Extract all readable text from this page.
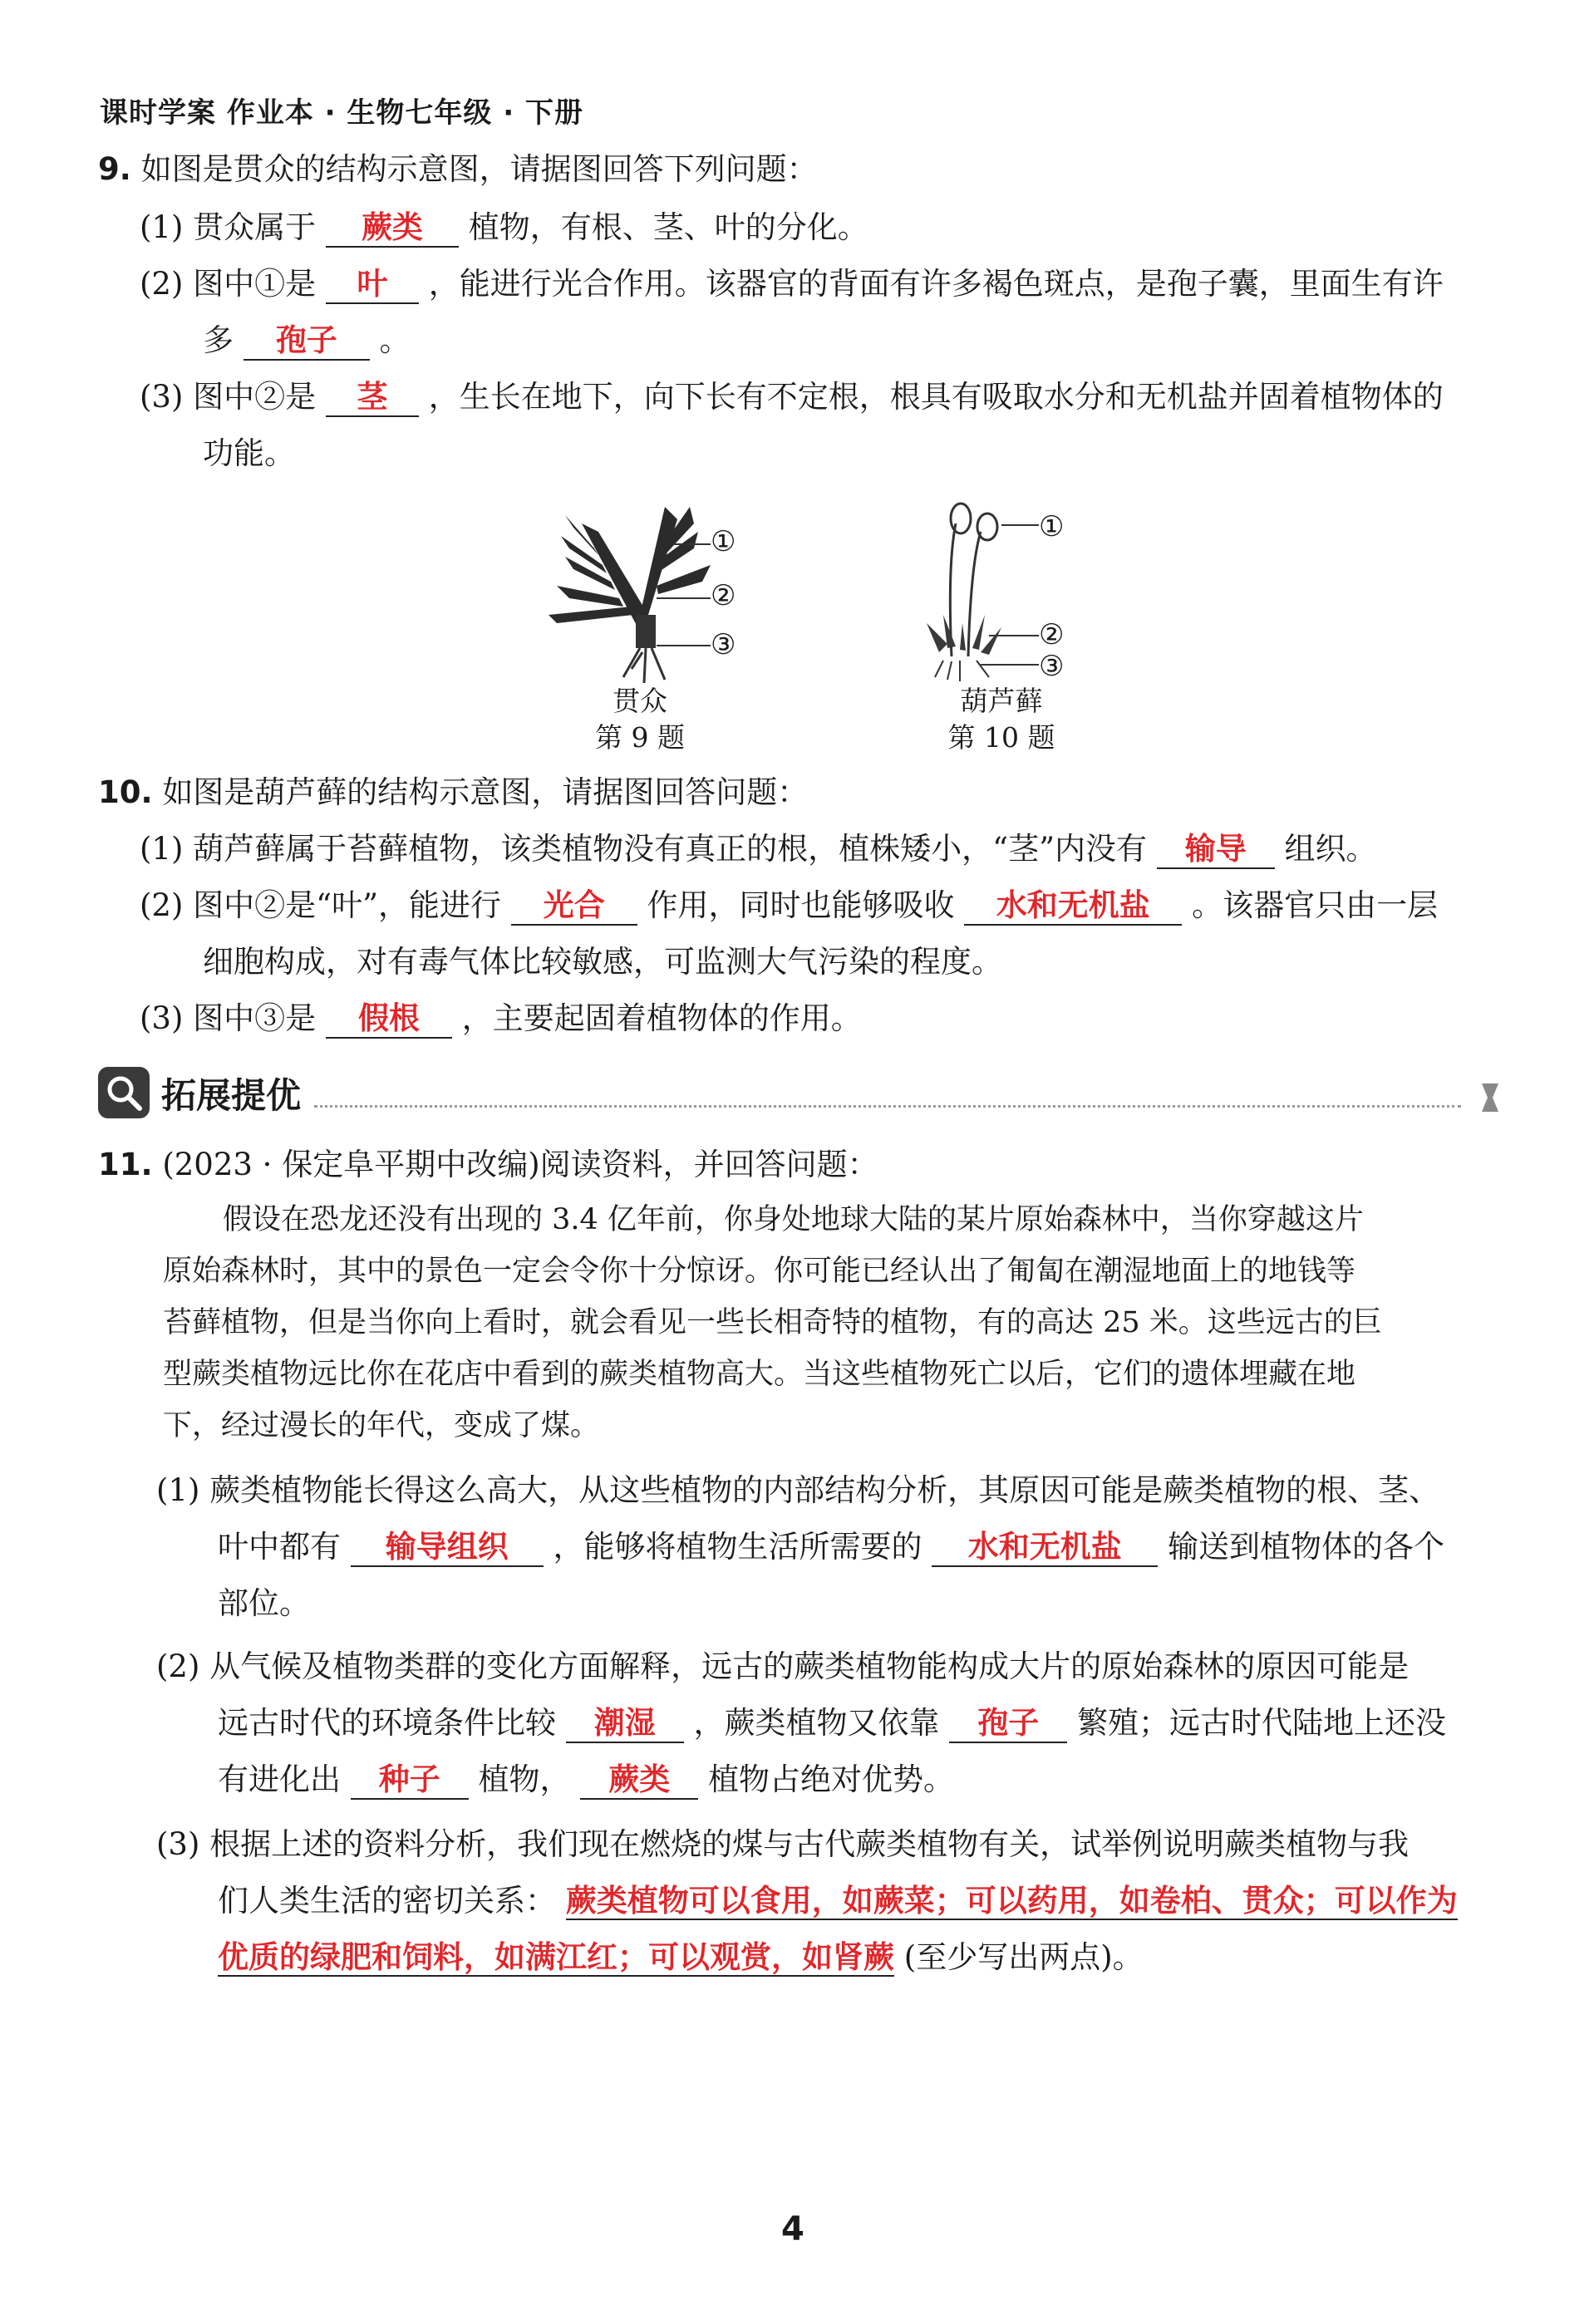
课时学案 作业本 · 生物七年级 · 下册
9. 如图是贯众的结构示意图，请据图回答下列问题：
(1) 贯众属于 蕨类 植物，有根、茎、叶的分化。
(2) 图中①是 叶 ，能进行光合作用。该器官的背面有许多褐色斑点，是孢子囊，里面生有许
多 孢子 。
(3) 图中②是 茎 ，生长在地下，向下长有不定根，根具有吸取水分和无机盐并固着植物体的
功能。
①
②
③
贯众
第 9 题
①
②
③
葫芦藓
第 10 题
10. 如图是葫芦藓的结构示意图，请据图回答问题：
(1) 葫芦藓属于苔藓植物，该类植物没有真正的根，植株矮小，“茎”内没有 输导 组织。
(2) 图中②是“叶”，能进行 光合 作用，同时也能够吸收 水和无机盐 。该器官只由一层
细胞构成，对有毒气体比较敏感，可监测大气污染的程度。
(3) 图中③是 假根 ，主要起固着植物体的作用。
拓展提优
11. (2023 · 保定阜平期中改编)阅读资料，并回答问题：
假设在恐龙还没有出现的 3.4 亿年前，你身处地球大陆的某片原始森林中，当你穿越这片
原始森林时，其中的景色一定会令你十分惊讶。你可能已经认出了匍匐在潮湿地面上的地钱等
苔藓植物，但是当你向上看时，就会看见一些长相奇特的植物，有的高达 25 米。这些远古的巨
型蕨类植物远比你在花店中看到的蕨类植物高大。当这些植物死亡以后，它们的遗体埋藏在地
下，经过漫长的年代，变成了煤。
(1) 蕨类植物能长得这么高大，从这些植物的内部结构分析，其原因可能是蕨类植物的根、茎、
叶中都有 输导组织 ，能够将植物生活所需要的 水和无机盐 输送到植物体的各个
部位。
(2) 从气候及植物类群的变化方面解释，远古的蕨类植物能构成大片的原始森林的原因可能是
远古时代的环境条件比较 潮湿 ，蕨类植物又依靠 孢子 繁殖；远古时代陆地上还没
有进化出 种子 植物， 蕨类 植物占绝对优势。
(3) 根据上述的资料分析，我们现在燃烧的煤与古代蕨类植物有关，试举例说明蕨类植物与我
们人类生活的密切关系： 蕨类植物可以食用，如蕨菜；可以药用，如卷柏、贯众；可以作为
优质的绿肥和饲料，如满江红；可以观赏，如肾蕨 (至少写出两点)。
4
